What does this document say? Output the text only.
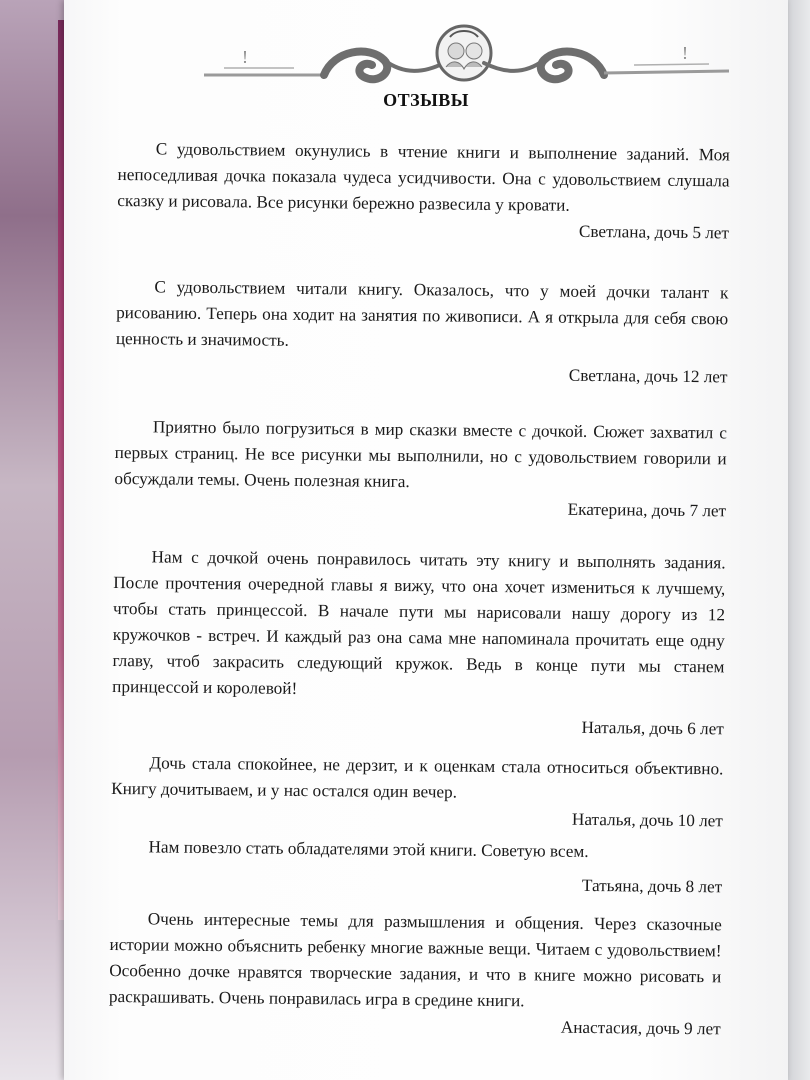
!	!
ОТЗЫВЫ

С удовольствием окунулись в чтение книги и выполнение заданий. Моя непоседливая дочка показала чудеса усидчивости. Она с удовольствием слушала сказку и рисовала. Все рисунки бережно развесила у кровати.

Светлана, дочь 5 лет

С удовольствием читали книгу. Оказалось, что у моей дочки талант к рисованию. Теперь она ходит на занятия по живописи. А я открыла для себя свою ценность и значимость.

Светлана, дочь 12 лет

Приятно было погрузиться в мир сказки вместе с дочкой. Сюжет захватил с первых страниц. Не все рисунки мы выполнили, но с удовольствием говорили и обсуждали темы. Очень полезная книга.

Екатерина, дочь 7 лет

Нам с дочкой очень понравилось читать эту книгу и выполнять задания. После прочтения очередной главы я вижу, что она хочет измениться к лучшему, чтобы стать принцессой. В начале пути мы нарисовали нашу дорогу из 12 кружочков - встреч. И каждый раз она сама мне напоминала прочитать еще одну главу, чтоб закрасить следующий кружок. Ведь в конце пути мы станем принцессой и королевой!

Наталья, дочь 6 лет

Дочь стала спокойнее, не дерзит, и к оценкам стала относиться объективно. Книгу дочитываем, и у нас остался один вечер.

Наталья, дочь 10 лет

Нам повезло стать обладателями этой книги. Советую всем.

Татьяна, дочь 8 лет

Очень интересные темы для размышления и общения. Через сказочные истории можно объяснить ребенку многие важные вещи. Читаем с удовольствием! Особенно дочке нравятся творческие задания, и что в книге можно рисовать и раскрашивать. Очень понравилась игра в средине книги.

Анастасия, дочь 9 лет
